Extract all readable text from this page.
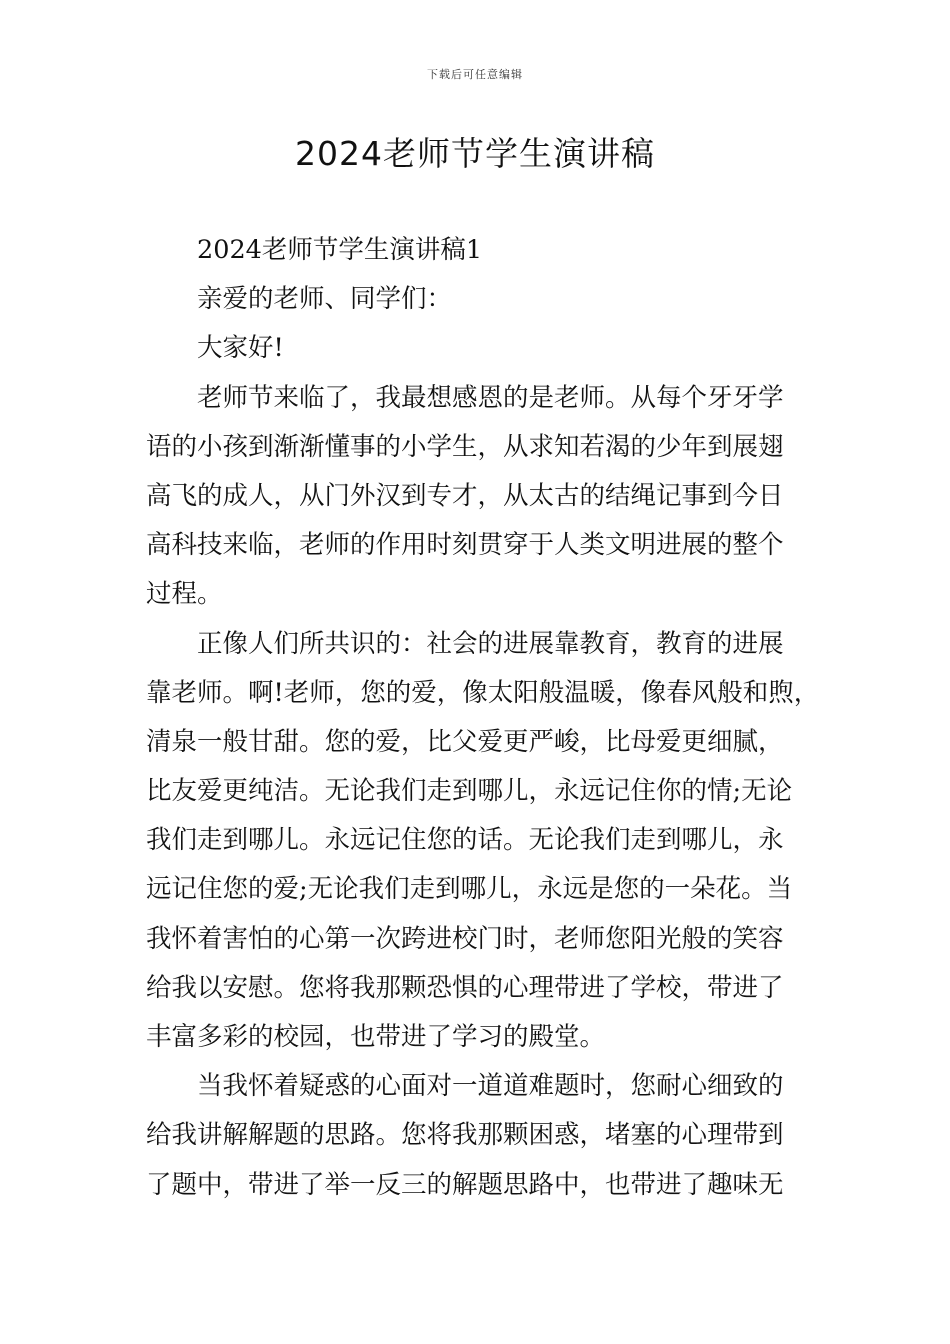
下载后可任意编辑
2024老师节学生演讲稿
2024老师节学生演讲稿1
亲爱的老师、同学们：
大家好!
老师节来临了，我最想感恩的是老师。从每个牙牙学
语的小孩到渐渐懂事的小学生，从求知若渴的少年到展翅
高飞的成人，从门外汉到专才，从太古的结绳记事到今日
高科技来临，老师的作用时刻贯穿于人类文明进展的整个
过程。
正像人们所共识的：社会的进展靠教育，教育的进展
靠老师。啊!老师，您的爱，像太阳般温暖，像春风般和煦，
清泉一般甘甜。您的爱，比父爱更严峻，比母爱更细腻，
比友爱更纯洁。无论我们走到哪儿，永远记住你的情;无论
我们走到哪儿。永远记住您的话。无论我们走到哪儿，永
远记住您的爱;无论我们走到哪儿，永远是您的一朵花。当
我怀着害怕的心第一次跨进校门时，老师您阳光般的笑容
给我以安慰。您将我那颗恐惧的心理带进了学校，带进了
丰富多彩的校园，也带进了学习的殿堂。
当我怀着疑惑的心面对一道道难题时，您耐心细致的
给我讲解解题的思路。您将我那颗困惑，堵塞的心理带到
了题中，带进了举一反三的解题思路中，也带进了趣味无
